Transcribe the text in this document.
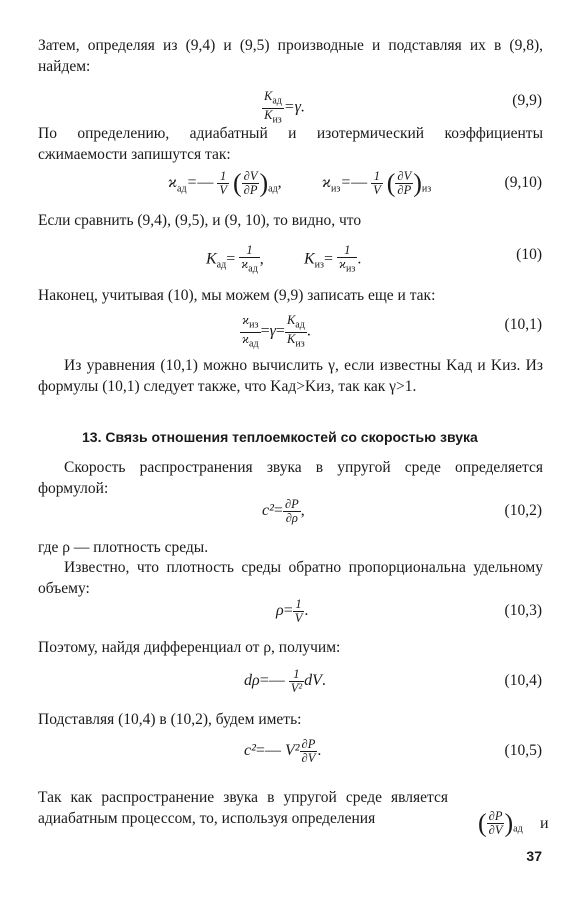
Затем, определяя из (9,4) и (9,5) производные и подставляя их в (9,8), найдем:
$\frac{K_{ад}}{K_{из}} =\gamma$.	(9,9)
По определению, адиабатный и изотермический коэффициенты сжимаемости запишутся так:
$ϰ_{ад}=— \frac{1}{V}$ ( $\frac{\partial V}{\partial P} )_{ад}$,	$ϰ_{из}=— \frac{1}{V}$ ( $\frac{\partial V}{\partial P} )_{из}$	(9,10)
Если сравнить (9,4), (9,5), и (9, 10), то видно, что
$K_{ад}= \frac{1}{ϰ_{ад}}$ ,	$K_{из}= \frac{1}{ϰ_{из}}$ .	(10)
Наконец, учитывая (10), мы можем (9,9) записать еще и так:
$\frac{ϰ_{из}}{ϰ_{ад}} =\gamma= \frac{K_{ад}}{K_{из}}$ .	(10,1)
Из уравнения (10,1) можно вычислить γ, если известны Kад и Kиз. Из формулы (10,1) следует также, что Kад>Kиз, так как γ>1.
13. Связь отношения теплоемкостей со скоростью звука
Скорость распространения звука в упругой среде определяется формулой:
$c^2= \frac{\partial P}{\partial\rho}$ ,	(10,2)
где ρ — плотность среды.
Известно, что плотность среды обратно пропорциональна удельному объему:
$\rho= \frac{1}{V}$ .	(10,3)
Поэтому, найдя дифференциал от ρ, получим:
dρ=— $\frac{1}{\text{V²}}$ dV.	(10,4)
Подставляя (10,4) в (10,2), будем иметь:
c²=— $V^2 \frac{\partial P}{\partial V}$ .	(10,5)
Так как распространение звука в упругой среде является адиабатным процессом, то, используя определения	( $\frac{\partial P}{\partial V} )_{ад}$ и
37
